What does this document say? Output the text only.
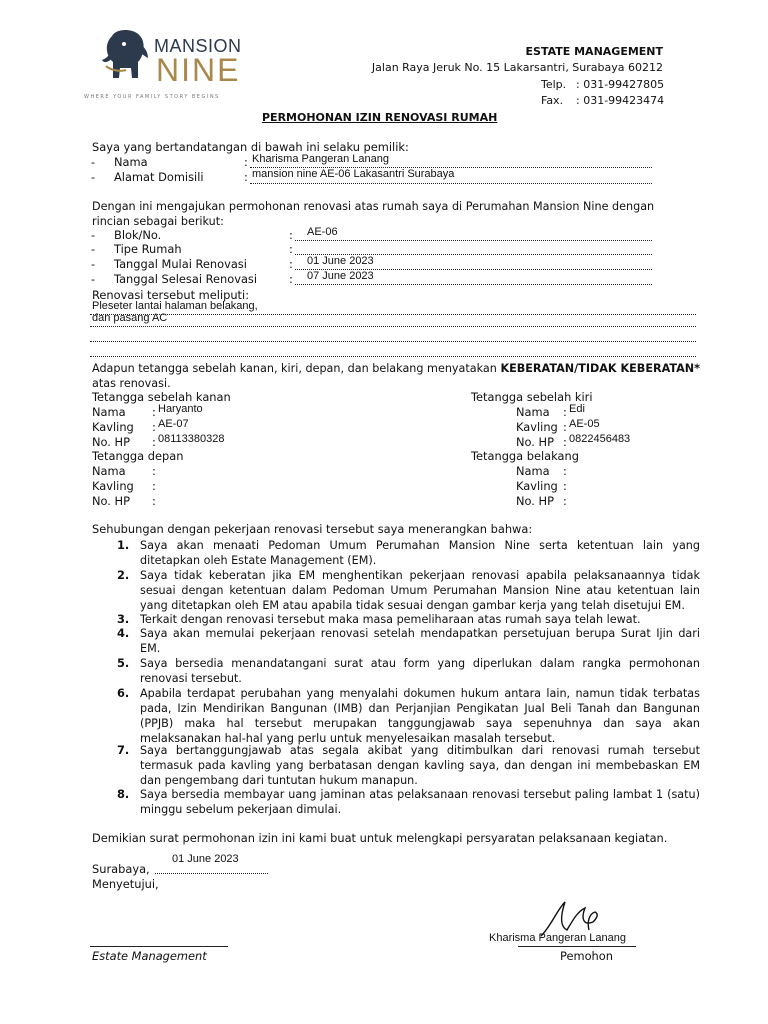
MANSION
NINE
WHERE YOUR FAMILY STORY BEGINS
ESTATE MANAGEMENT
Jalan Raya Jeruk No. 15 Lakarsantri, Surabaya 60212
Telp. : 031-99427805
Fax. : 031-99423474
PERMOHONAN IZIN RENOVASI RUMAH
Saya yang bertandatangan di bawah ini selaku pemilik:
- Nama	: Kharisma Pangeran Lanang
- Alamat Domisili	: mansion nine AE-06 Lakasantri Surabaya
Dengan ini mengajukan permohonan renovasi atas rumah saya di Perumahan Mansion Nine dengan rincian sebagai berikut:
- Blok/No.	: AE-06
- Tipe Rumah	:
- Tanggal Mulai Renovasi	: 01 June 2023
- Tanggal Selesai Renovasi	: 07 June 2023
Renovasi tersebut meliputi:
Pleseter lantai halaman belakang,
dan pasang AC
Adapun tetangga sebelah kanan, kiri, depan, dan belakang menyatakan KEBERATAN/TIDAK KEBERATAN* atas renovasi.
Tetangga sebelah kanan
Nama : Haryanto
Kavling : AE-07
No. HP : 08113380328
Tetangga sebelah kiri
Nama : Edi
Kavling : AE-05
No. HP : 0822456483
Tetangga depan
Nama :
Kavling :
No. HP :
Tetangga belakang
Nama :
Kavling :
No. HP :
Sehubungan dengan pekerjaan renovasi tersebut saya menerangkan bahwa:
1. Saya akan menaati Pedoman Umum Perumahan Mansion Nine serta ketentuan lain yang ditetapkan oleh Estate Management (EM).
2. Saya tidak keberatan jika EM menghentikan pekerjaan renovasi apabila pelaksanaannya tidak sesuai dengan ketentuan dalam Pedoman Umum Perumahan Mansion Nine atau ketentuan lain yang ditetapkan oleh EM atau apabila tidak sesuai dengan gambar kerja yang telah disetujui EM.
3. Terkait dengan renovasi tersebut maka masa pemeliharaan atas rumah saya telah lewat.
4. Saya akan memulai pekerjaan renovasi setelah mendapatkan persetujuan berupa Surat Ijin dari EM.
5. Saya bersedia menandatangani surat atau form yang diperlukan dalam rangka permohonan renovasi tersebut.
6. Apabila terdapat perubahan yang menyalahi dokumen hukum antara lain, namun tidak terbatas pada, Izin Mendirikan Bangunan (IMB) dan Perjanjian Pengikatan Jual Beli Tanah dan Bangunan (PPJB) maka hal tersebut merupakan tanggungjawab saya sepenuhnya dan saya akan melaksanakan hal-hal yang perlu untuk menyelesaikan masalah tersebut.
7. Saya bertanggungjawab atas segala akibat yang ditimbulkan dari renovasi rumah tersebut termasuk pada kavling yang berbatasan dengan kavling saya, dan dengan ini membebaskan EM dan pengembang dari tuntutan hukum manapun.
8. Saya bersedia membayar uang jaminan atas pelaksanaan renovasi tersebut paling lambat 1 (satu) minggu sebelum pekerjaan dimulai.
Demikian surat permohonan izin ini kami buat untuk melengkapi persyaratan pelaksanaan kegiatan.
Surabaya,
01 June 2023
Menyetujui,
Estate Management
Kharisma Pangeran Lanang
Pemohon
